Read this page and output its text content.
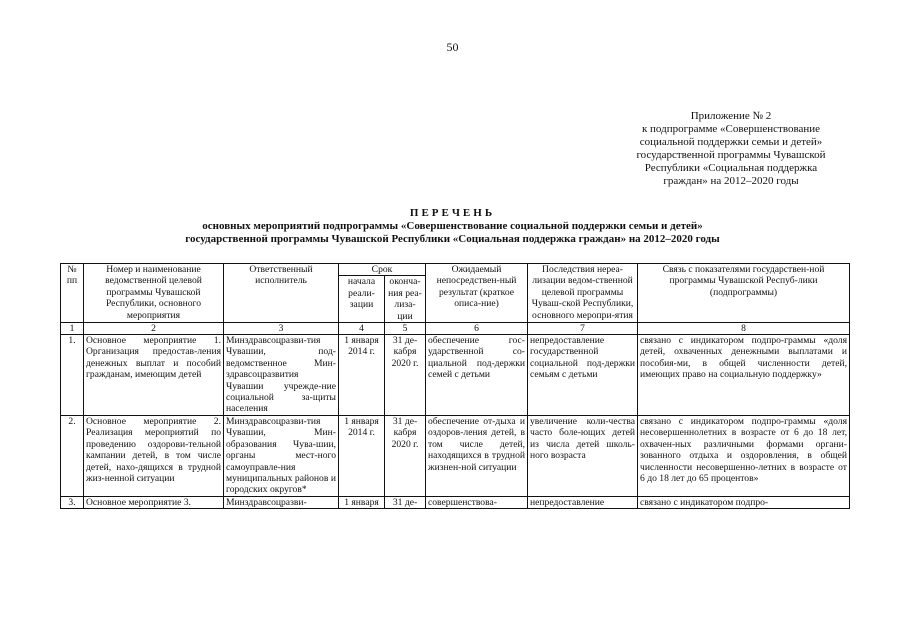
50
Приложение № 2
к подпрограмме «Совершенствование
социальной поддержки семьи и детей»
государственной программы Чувашской
Республики «Социальная поддержка
граждан» на 2012–2020 годы
ПЕРЕЧЕНЬ
основных мероприятий подпрограммы «Совершенствование социальной поддержки семьи и детей»
государственной программы Чувашской Республики «Социальная поддержка граждан» на 2012–2020 годы
№ пп	Номер и наименование ведомственной целевой программы Чувашской Республики, основного мероприятия	Ответственный исполнитель	Срок		Ожидаемый непосредствен-ный результат (краткое описа-ние)	Последствия нереа-лизации ведом-ственной целевой программы Чуваш-ской Республики, основного меропри-ятия	Связь с показателями государствен-ной программы Чувашской Респуб-лики (подпрограммы)
			начала реали-зации	оконча-ния реа-лиза-ции			
1	2	3	4	5	6	7	8
1.	Основное мероприятие 1. Организация предостав-ления денежных выплат и пособий гражданам, имеющим детей	Минздравсоцразви-тия Чувашии, под-ведомственное Мин-здравсоцразвития Чувашии учрежде-ние социальной за-щиты населения	1 января 2014 г.	31 де-кабря 2020 г.	обеспечение гос-ударственной со-циальной под-держки семей с детьми	непредоставление государственной социальной под-держки семьям с детьми	связано с индикатором подпро-граммы «доля детей, охваченных денежными выплатами и пособия-ми, в общей численности детей, имеющих право на социальную поддержку»
2.	Основное мероприятие 2. Реализация мероприятий по проведению оздорови-тельной кампании детей, в том числе детей, нахо-дящихся в трудной жиз-ненной ситуации	Минздравсоцразви-тия Чувашии, Мин-образования Чува-шии, органы мест-ного самоуправле-ния муниципальных районов и городских округов*	1 января 2014 г.	31 де-кабря 2020 г.	обеспечение от-дыха и оздоров-ления детей, в том числе детей, находящихся в трудной жизнен-ной ситуации	увеличение коли-чества часто боле-ющих детей из числа детей школь-ного возраста	связано с индикатором подпро-граммы «доля несовершеннолетних в возрасте от 6 до 18 лет, охвачен-ных различными формами органи-зованного отдыха и оздоровления, в общей численности несовершенно-летних в возрасте от 6 до 18 лет до 65 процентов»
3.	Основное мероприятие 3.	Минздравсоцразви-	1 января	31 де-	совершенствова-	непредоставление	связано с индикатором подпро-
